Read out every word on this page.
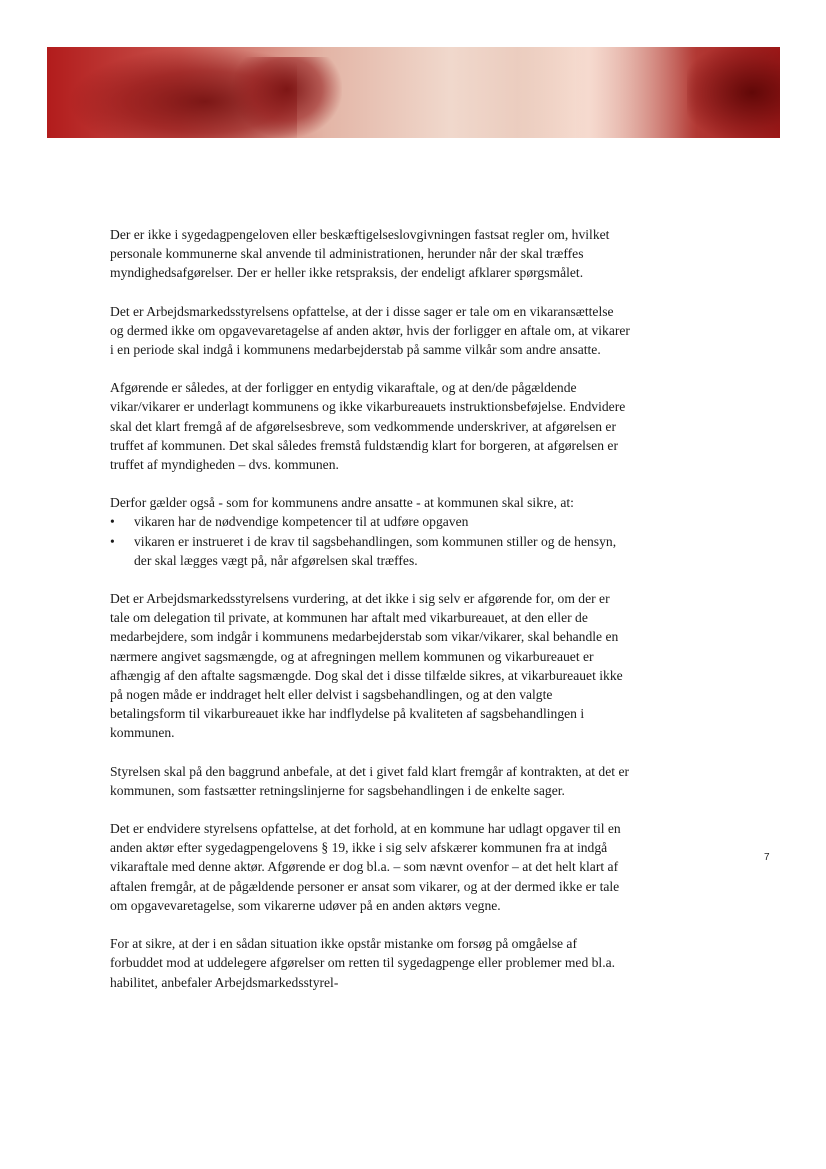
Der er ikke i sygedagpengeloven eller beskæftigelseslovgivningen fastsat regler om, hvilket personale kommunerne skal anvende til administrationen, herunder når der skal træffes myndighedsafgørelser. Der er heller ikke retspraksis, der endeligt afklarer spørgsmålet.

Det er Arbejdsmarkedsstyrelsens opfattelse, at der i disse sager er tale om en vikaransættelse og dermed ikke om opgavevaretagelse af anden aktør, hvis der forligger en aftale om, at vikarer i en periode skal indgå i kommunens medarbejderstab på samme vilkår som andre ansatte.

Afgørende er således, at der forligger en entydig vikaraftale, og at den/de pågældende vikar/vikarer er underlagt kommunens og ikke vikarbureauets instruktionsbeføjelse. Endvidere skal det klart fremgå af de afgørelsesbreve, som vedkommende underskriver, at afgørelsen er truffet af kommunen. Det skal således fremstå fuldstændig klart for borgeren, at afgørelsen er truffet af myndigheden – dvs. kommunen.

Derfor gælder også - som for kommunens andre ansatte - at kommunen skal sikre, at:

• vikaren har de nødvendige kompetencer til at udføre opgaven
• vikaren er instrueret i de krav til sagsbehandlingen, som kommunen stiller og de hensyn, der skal lægges vægt på, når afgørelsen skal træffes.

Det er Arbejdsmarkedsstyrelsens vurdering, at det ikke i sig selv er afgørende for, om der er tale om delegation til private, at kommunen har aftalt med vikarbureauet, at den eller de medarbejdere, som indgår i kommunens medarbejderstab som vikar/vikarer, skal behandle en nærmere angivet sagsmængde, og at afregningen mellem kommunen og vikarbureauet er afhængig af den aftalte sagsmængde. Dog skal det i disse tilfælde sikres, at vikarbureauet ikke på nogen måde er inddraget helt eller delvist i sagsbehandlingen, og at den valgte betalingsform til vikarbureauet ikke har indflydelse på kvaliteten af sagsbehandlingen i kommunen.

Styrelsen skal på den baggrund anbefale, at det i givet fald klart fremgår af kontrakten, at det er kommunen, som fastsætter retningslinjerne for sagsbehandlingen i de enkelte sager.

Det er endvidere styrelsens opfattelse, at det forhold, at en kommune har udlagt opgaver til en anden aktør efter sygedagpengelovens § 19, ikke i sig selv afskærer kommunen fra at indgå vikaraftale med denne aktør. Afgørende er dog bl.a. – som nævnt ovenfor – at det helt klart af aftalen fremgår, at de pågældende personer er ansat som vikarer, og at der dermed ikke er tale om opgavevaretagelse, som vikarerne udøver på en anden aktørs vegne.

For at sikre, at der i en sådan situation ikke opstår mistanke om forsøg på omgåelse af forbuddet mod at uddelegere afgørelser om retten til sygedagpenge eller problemer med bl.a. habilitet, anbefaler Arbejdsmarkedsstyrel-

7
